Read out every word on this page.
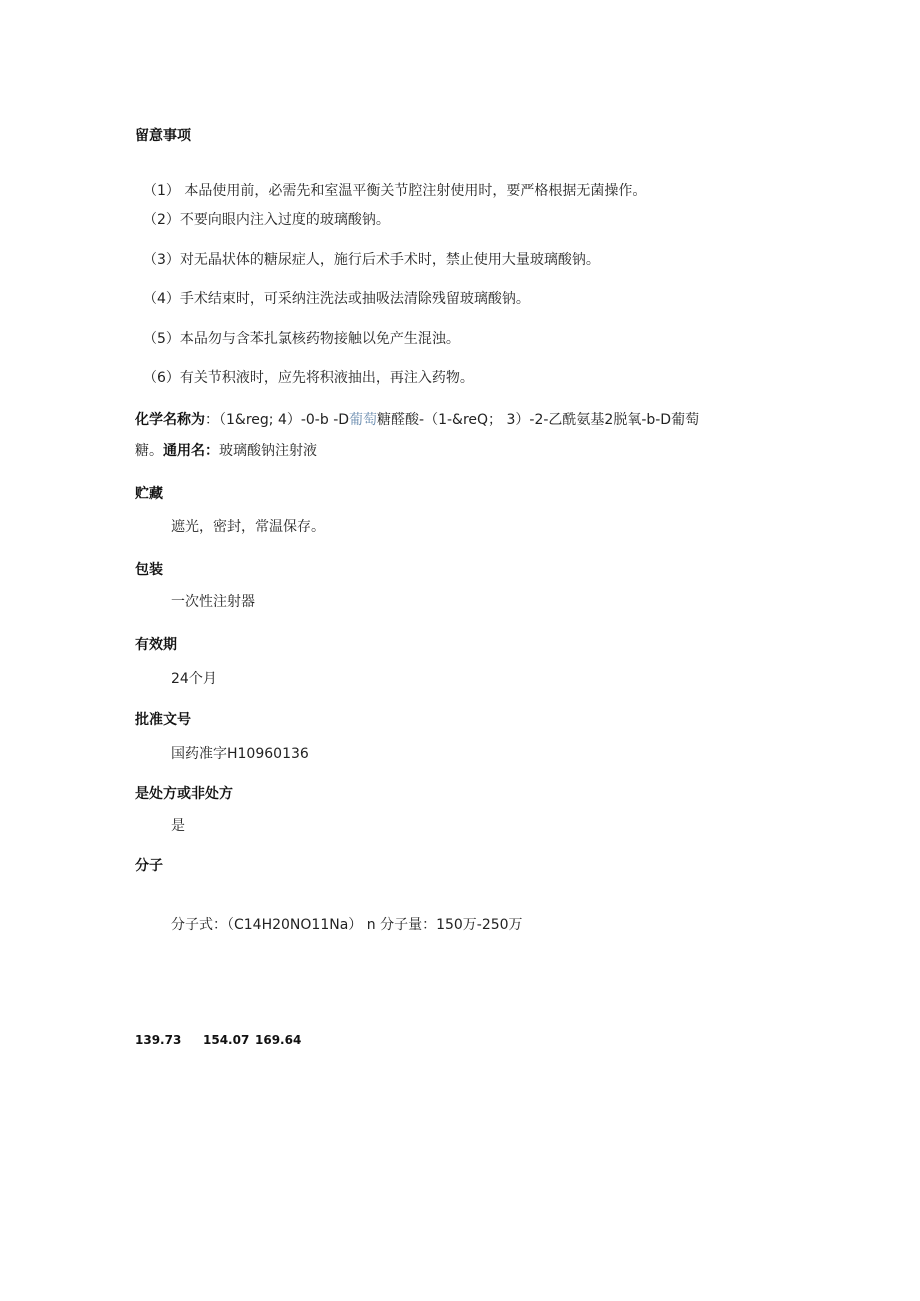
留意事项
（1） 本品使用前，必需先和室温平衡关节腔注射使用时，要严格根据无菌操作。
（2）不要向眼内注入过度的玻璃酸钠。
（3）对无晶状体的糖尿症人，施行后术手术时，禁止使用大量玻璃酸钠。
（4）手术结束时，可采纳注洗法或抽吸法清除残留玻璃酸钠。
（5）本品勿与含苯扎氯核药物接触以免产生混浊。
（6）有关节积液时，应先将积液抽出，再注入药物。
化学名称为：（1&reg; 4）-0-b -D葡萄糖醛酸-（1-&reQ； 3）-2-乙酰氨基2脱氧-b-D葡萄
糖。通用名：玻璃酸钠注射液
贮藏
遮光，密封，常温保存。
包装
一次性注射器
有效期
24个月
批准文号
国药准字H10960136
是处方或非处方
是
分子
分子式：（C14H20NO11Na） n 分子量：150万-250万
139.73 154.07 169.64
